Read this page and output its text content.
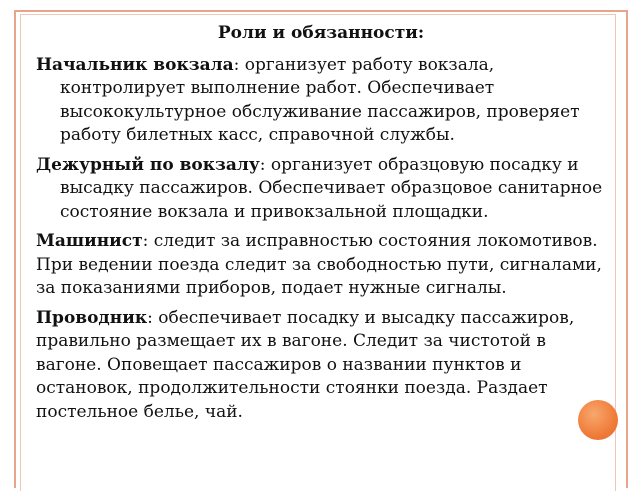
Роли и обязанности:

Начальник вокзала: организует работу вокзала, контролирует выполнение работ. Обеспечивает высококультурное обслуживание пассажиров, проверяет работу билетных касс, справочной службы.

Дежурный по вокзалу: организует образцовую посадку и высадку пассажиров. Обеспечивает образцовое санитарное состояние вокзала и привокзальной площадки.

Машинист: следит за исправностью состояния локомотивов. При ведении поезда следит за свободностью пути, сигналами, за показаниями приборов, подает нужные сигналы.

Проводник: обеспечивает посадку и высадку пассажиров, правильно размещает их в вагоне. Следит за чистотой в вагоне. Оповещает пассажиров о названии пунктов и остановок, продолжительности стоянки поезда. Раздает постельное белье, чай.
